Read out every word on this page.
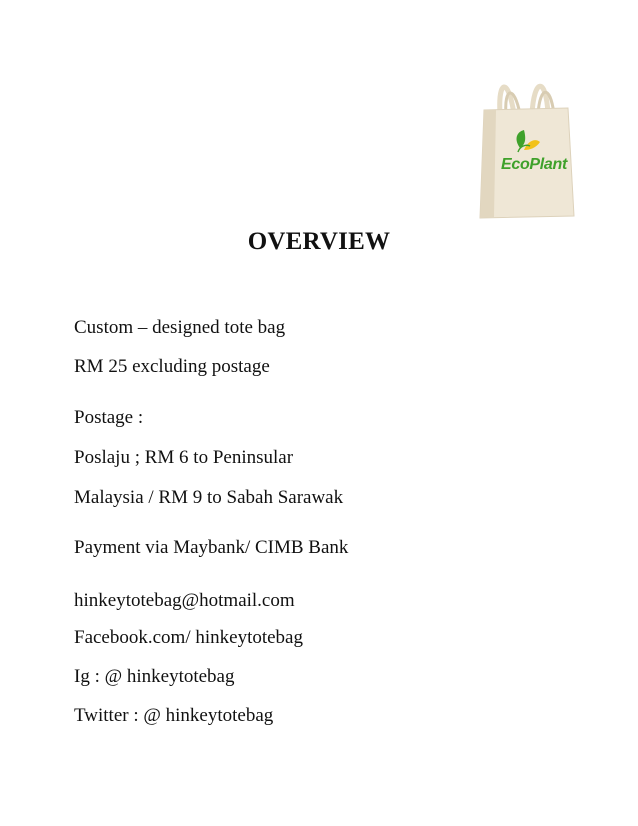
EcoPlant
OVERVIEW
Custom – designed tote bag
RM 25 excluding postage
Postage :
Poslaju ; RM 6 to Peninsular
Malaysia / RM 9 to Sabah Sarawak
Payment via Maybank/ CIMB Bank
hinkeytotebag@hotmail.com
Facebook.com/ hinkeytotebag
Ig : @ hinkeytotebag
Twitter : @ hinkeytotebag
